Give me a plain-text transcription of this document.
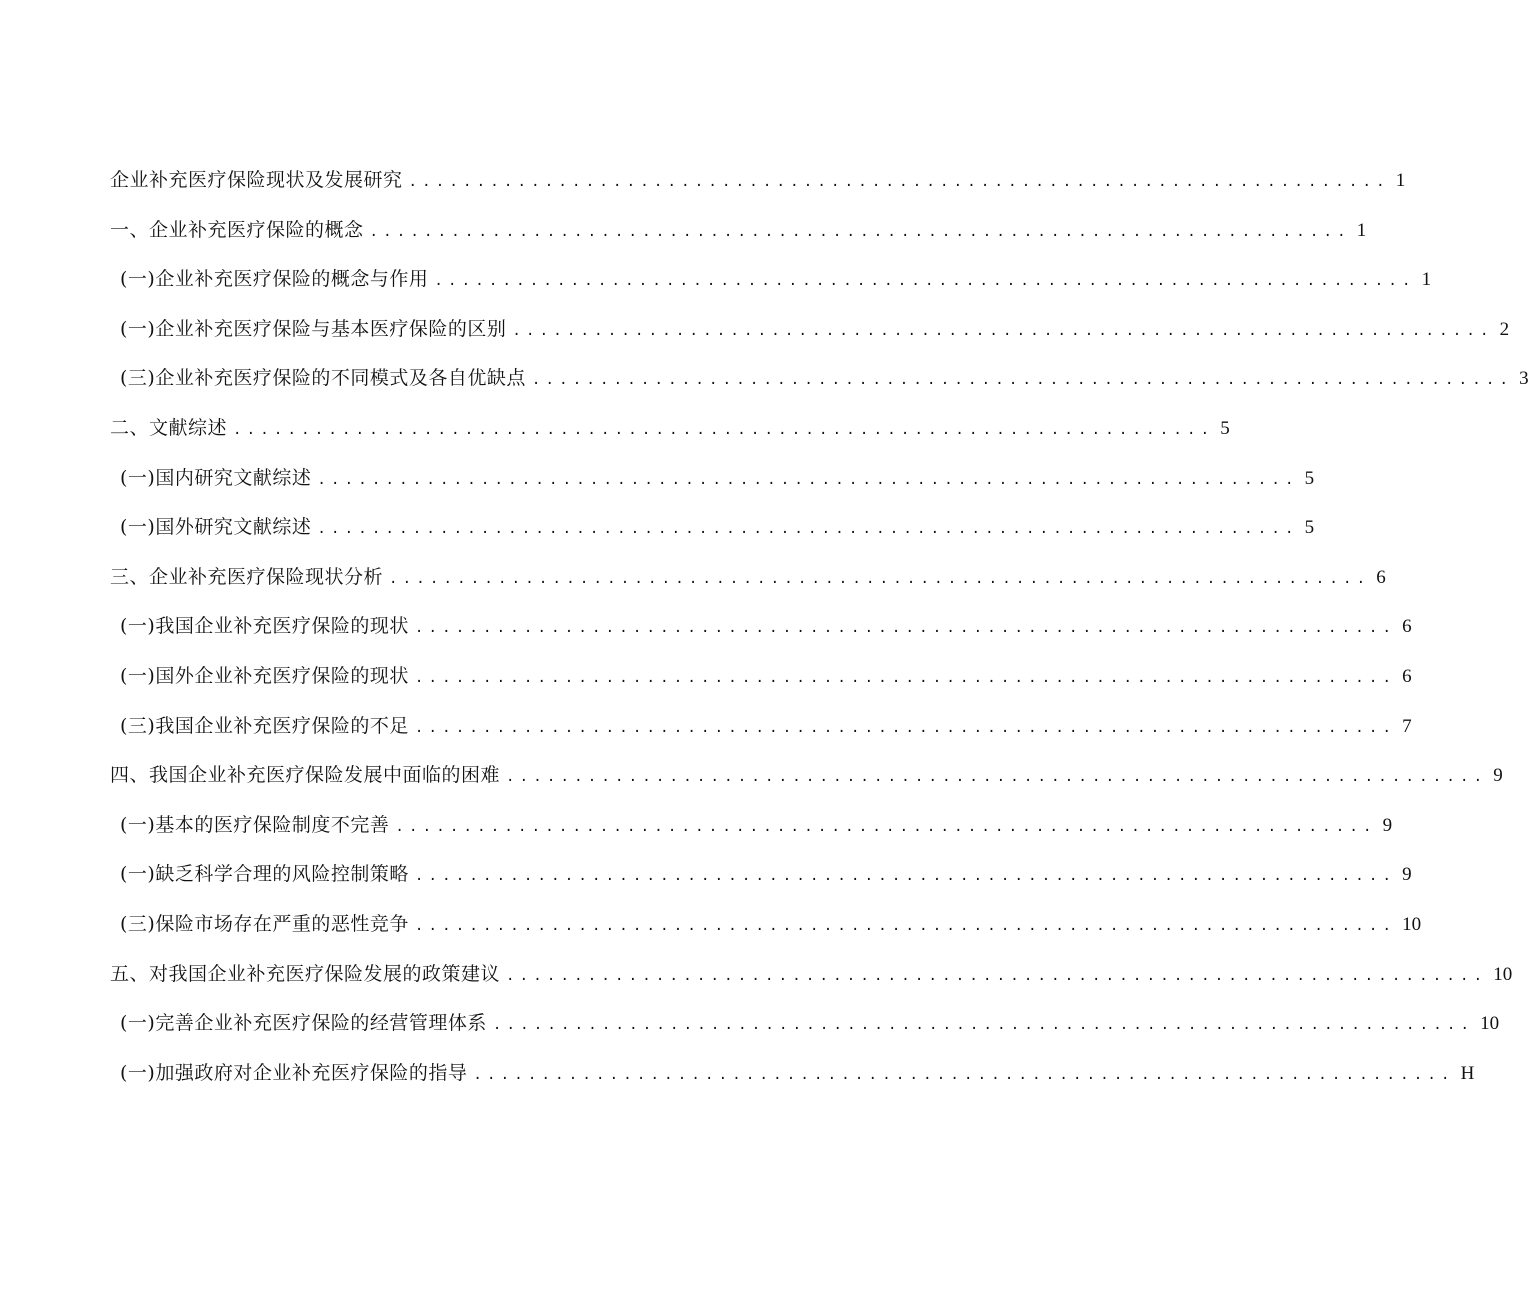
企业补充医疗保险现状及发展研究 ........................................................................ 1
一、企业补充医疗保险的概念 ........................................................................ 1
(一)企业补充医疗保险的概念与作用 ........................................................................ 1
(一)企业补充医疗保险与基本医疗保险的区别 ........................................................................ 2
(三)企业补充医疗保险的不同模式及各自优缺点 ........................................................................ 3
二、文献综述 ........................................................................ 5
(一)国内研究文献综述 ........................................................................ 5
(一)国外研究文献综述 ........................................................................ 5
三、企业补充医疗保险现状分析 ........................................................................ 6
(一)我国企业补充医疗保险的现状 ........................................................................ 6
(一)国外企业补充医疗保险的现状 ........................................................................ 6
(三)我国企业补充医疗保险的不足 ........................................................................ 7
四、我国企业补充医疗保险发展中面临的困难 ........................................................................ 9
(一)基本的医疗保险制度不完善 ........................................................................ 9
(一)缺乏科学合理的风险控制策略 ........................................................................ 9
(三)保险市场存在严重的恶性竞争 ........................................................................ 10
五、对我国企业补充医疗保险发展的政策建议 ........................................................................ 10
(一)完善企业补充医疗保险的经营管理体系 ........................................................................ 10
(一)加强政府对企业补充医疗保险的指导 ........................................................................ H
